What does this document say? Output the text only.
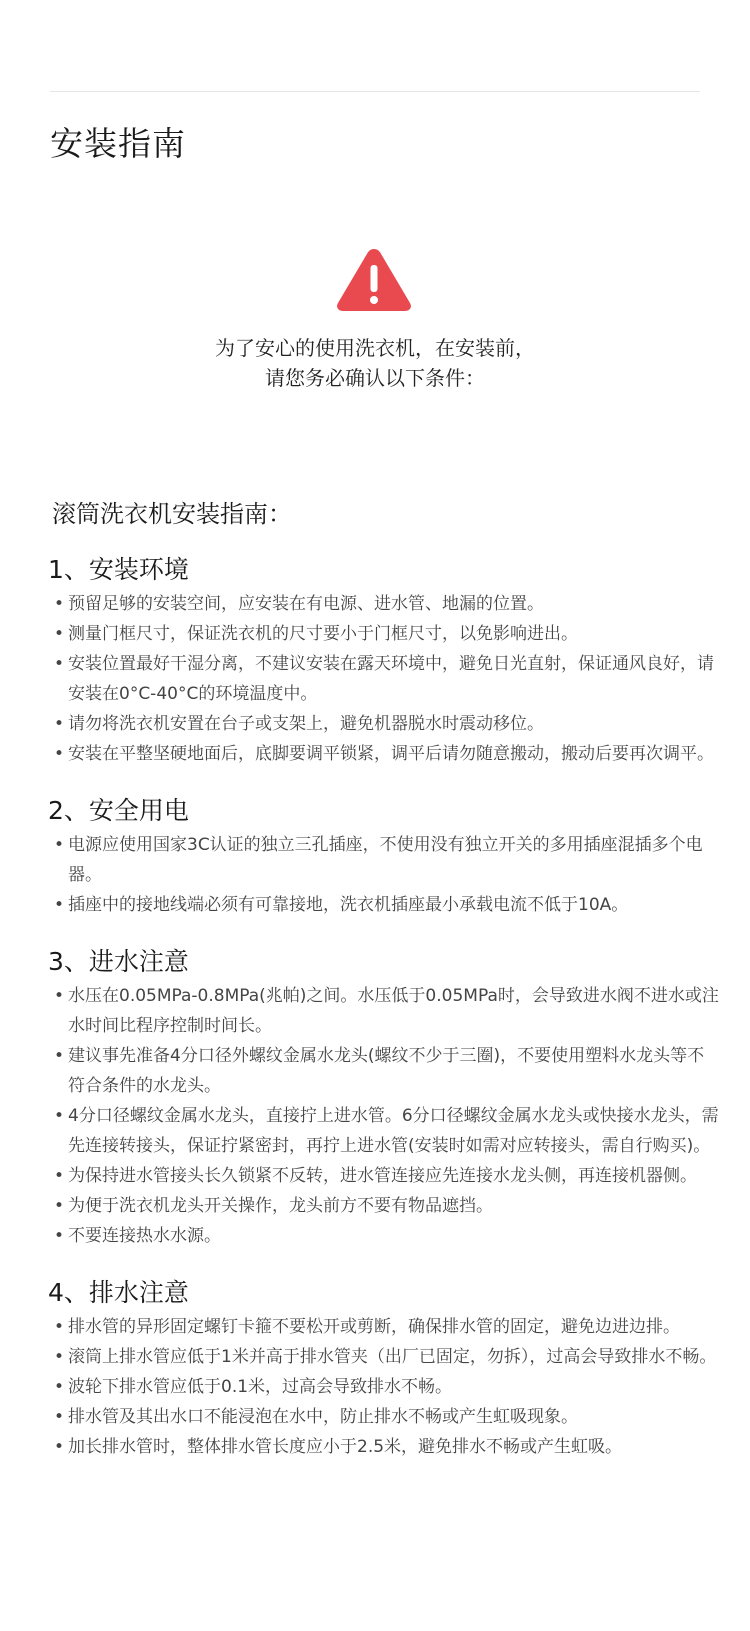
安装指南

为了安心的使用洗衣机，在安装前，

请您务必确认以下条件：

滚筒洗衣机安装指南：
1、安装环境
• 预留足够的安装空间，应安装在有电源、进水管、地漏的位置。
• 测量门框尺寸，保证洗衣机的尺寸要小于门框尺寸，以免影响进出。
• 安装位置最好干湿分离，不建议安装在露天环境中，避免日光直射，保证通风良好，请安装在0°C-40°C的环境温度中。
• 请勿将洗衣机安置在台子或支架上，避免机器脱水时震动移位。
• 安装在平整坚硬地面后，底脚要调平锁紧，调平后请勿随意搬动，搬动后要再次调平。
2、安全用电
• 电源应使用国家3C认证的独立三孔插座，不使用没有独立开关的多用插座混插多个电器。
• 插座中的接地线端必须有可靠接地，洗衣机插座最小承载电流不低于10A。
3、进水注意
• 水压在0.05MPa-0.8MPa(兆帕)之间。水压低于0.05MPa时，会导致进水阀不进水或注水时间比程序控制时间长。
• 建议事先准备4分口径外螺纹金属水龙头(螺纹不少于三圈)，不要使用塑料水龙头等不符合条件的水龙头。
• 4分口径螺纹金属水龙头，直接拧上进水管。6分口径螺纹金属水龙头或快接水龙头，需先连接转接头，保证拧紧密封，再拧上进水管(安装时如需对应转接头，需自行购买)。
• 为保持进水管接头长久锁紧不反转，进水管连接应先连接水龙头侧，再连接机器侧。
• 为便于洗衣机龙头开关操作，龙头前方不要有物品遮挡。
• 不要连接热水水源。
4、排水注意
• 排水管的异形固定螺钉卡箍不要松开或剪断，确保排水管的固定，避免边进边排。
• 滚筒上排水管应低于1米并高于排水管夹（出厂已固定，勿拆），过高会导致排水不畅。
• 波轮下排水管应低于0.1米，过高会导致排水不畅。
• 排水管及其出水口不能浸泡在水中，防止排水不畅或产生虹吸现象。
• 加长排水管时，整体排水管长度应小于2.5米，避免排水不畅或产生虹吸。
